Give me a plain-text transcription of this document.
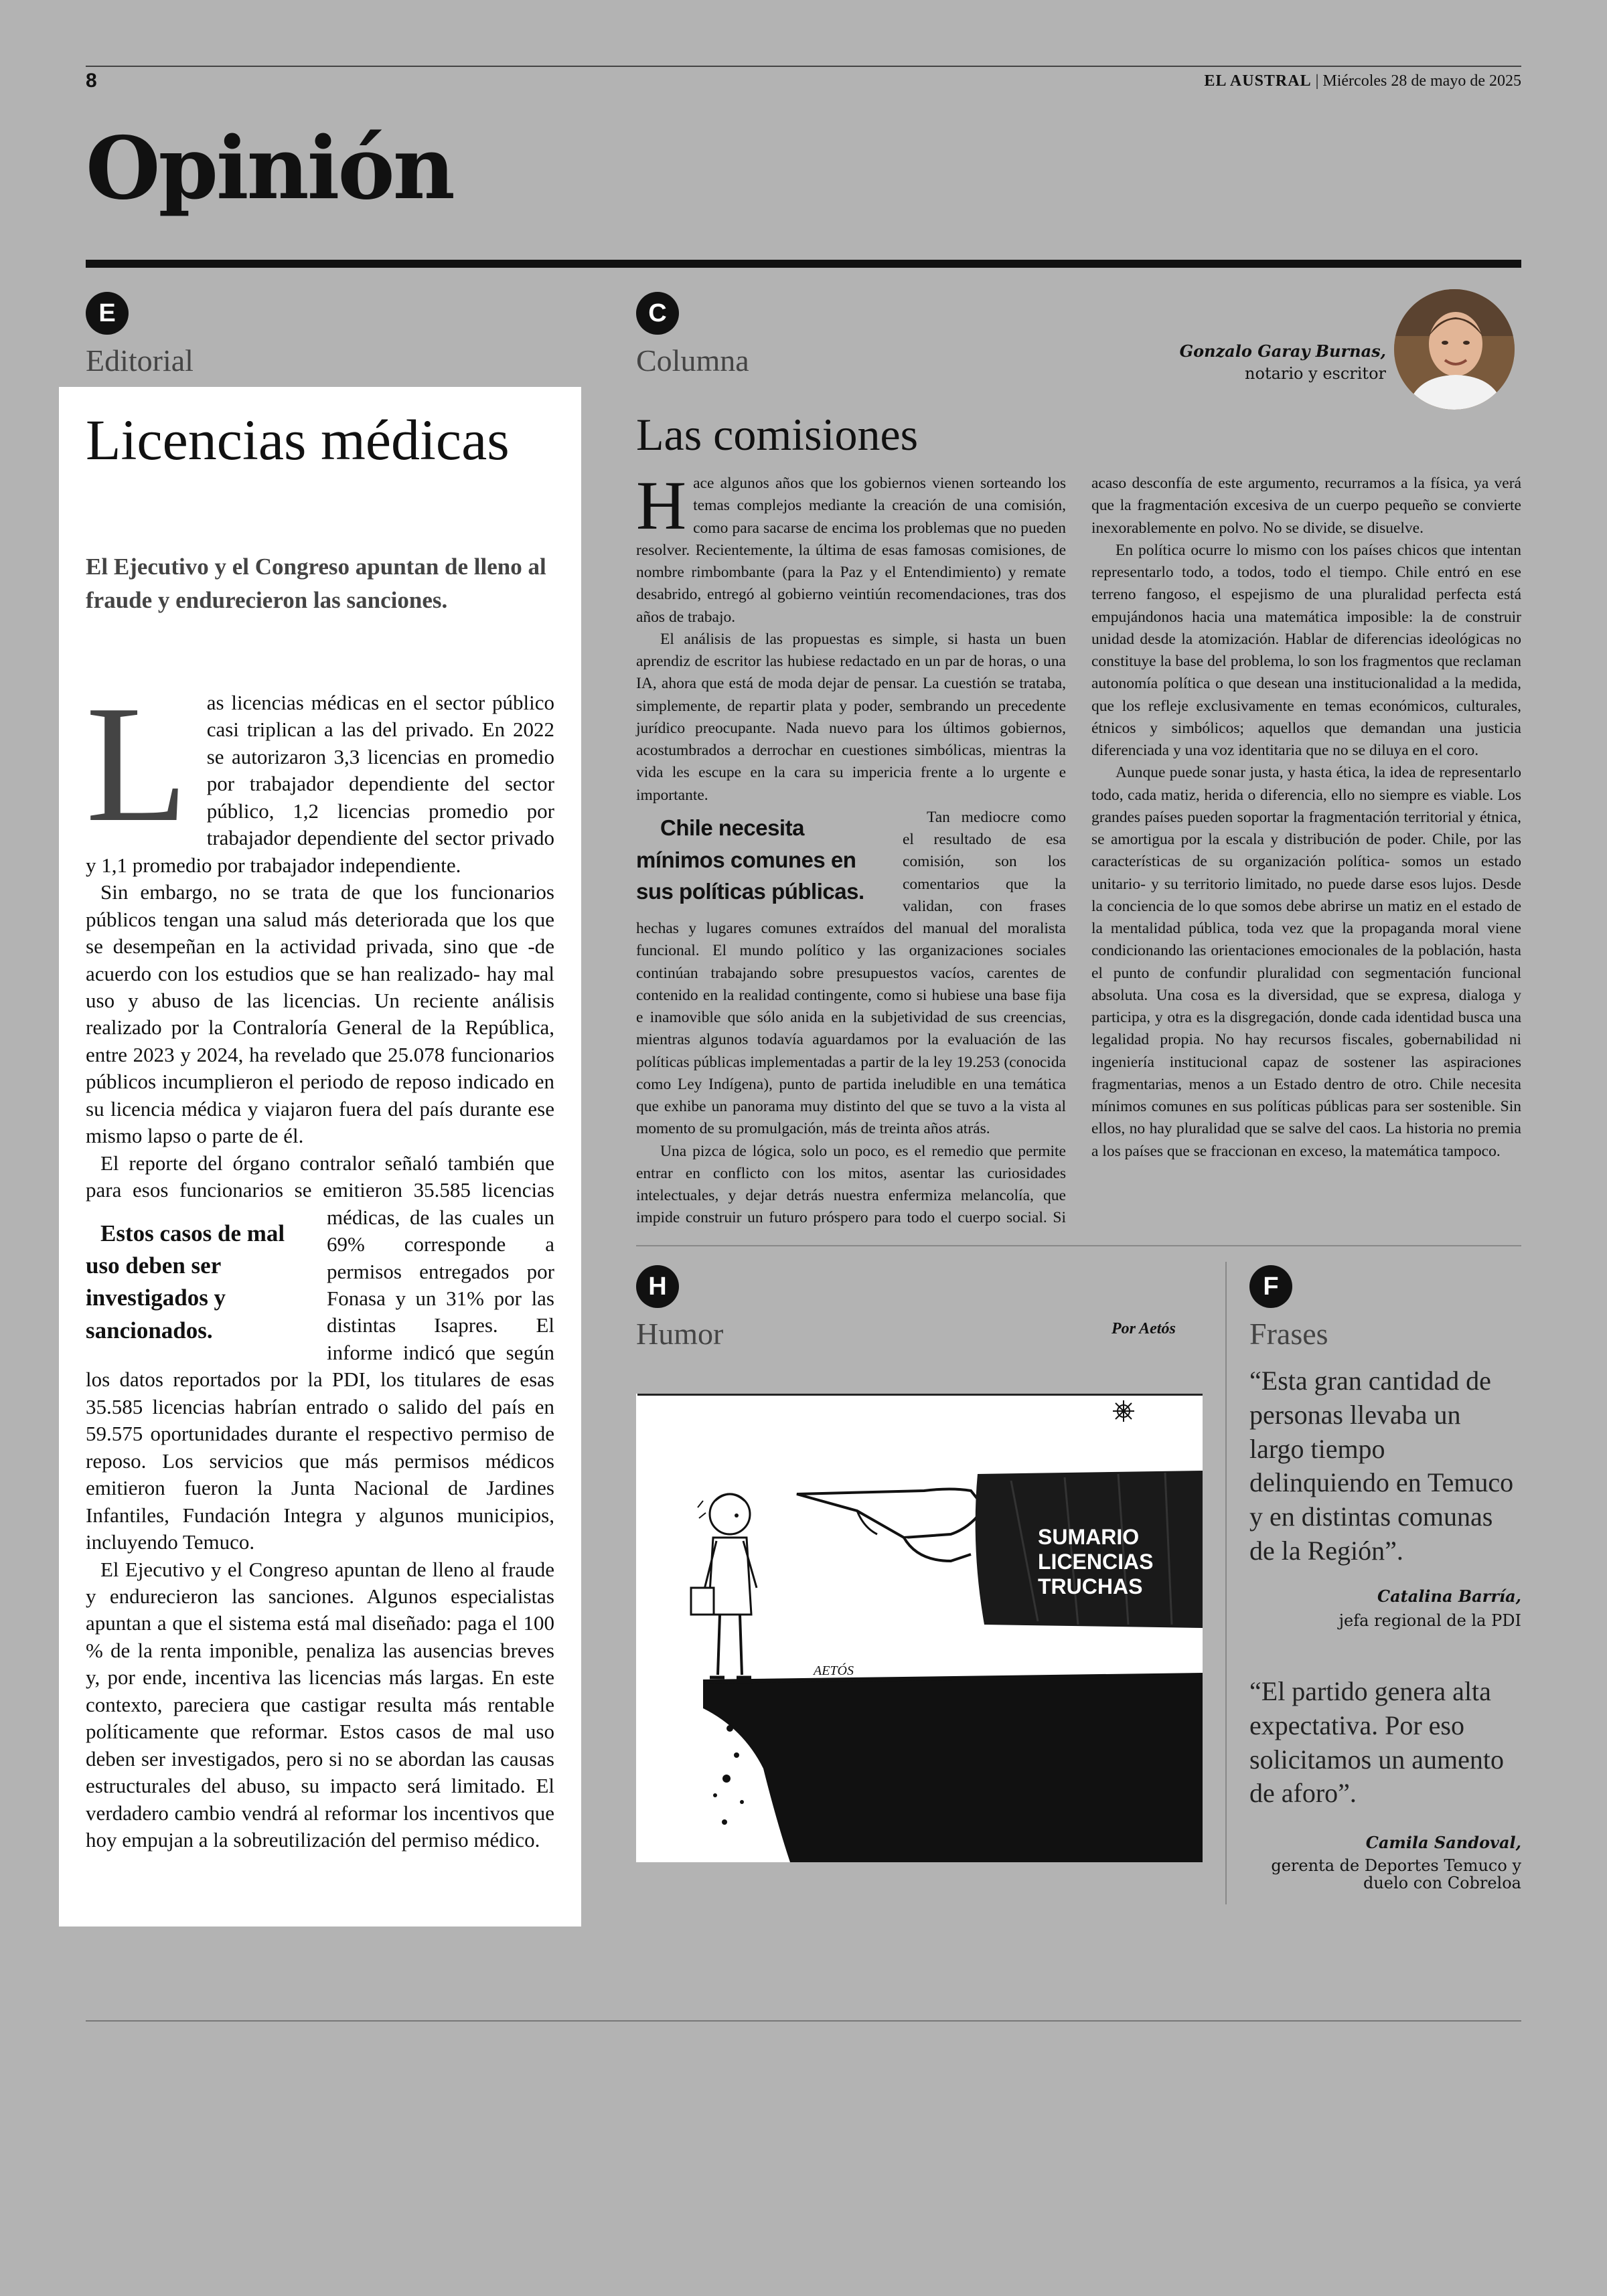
8	EL AUSTRAL | Miércoles 28 de mayo de 2025
Opinión
E
Editorial
Licencias médicas
El Ejecutivo y el Congreso apuntan de lleno al fraude y endurecieron las sanciones.

Las licencias médicas en el sector público casi triplican a las del privado. En 2022 se autorizaron 3,3 licencias en promedio por trabajador dependiente del sector público, 1,2 licencias promedio por trabajador dependiente del sector privado y 1,1 promedio por trabajador independiente.

Sin embargo, no se trata de que los funcionarios públicos tengan una salud más deteriorada que los que se desempeñan en la actividad privada, sino que -de acuerdo con los estudios que se han realizado- hay mal uso y abuso de las licencias. Un reciente análisis realizado por la Contraloría General de la República, entre 2023 y 2024, ha revelado que 25.078 funcionarios públicos incumplieron el periodo de reposo indicado en su licencia médica y viajaron fuera del país durante ese mismo lapso o parte de él.

El reporte del órgano contralor señaló también que para esos funcionarios se emitieron 35.585 licencias
Estos casos de mal uso deben ser investigados y sancionados.
médicas, de las cuales un 69% corresponde a permisos entregados por Fonasa y un 31% por las distintas Isapres. El informe indicó que según los datos reportados por la PDI, los titulares de esas 35.585 licencias habrían entrado o salido del país en 59.575 oportunidades durante el respectivo permiso de reposo. Los servicios que más permisos médicos emitieron fueron la Junta Nacional de Jardines Infantiles, Fundación Integra y algunos municipios, incluyendo Temuco.

El Ejecutivo y el Congreso apuntan de lleno al fraude y endurecieron las sanciones. Algunos especialistas apuntan a que el sistema está mal diseñado: paga el 100 % de la renta imponible, penaliza las ausencias breves y, por ende, incentiva las licencias más largas. En este contexto, pareciera que castigar resulta más rentable políticamente que reformar. Estos casos de mal uso deben ser investigados, pero si no se abordan las causas estructurales del abuso, su impacto será limitado. El verdadero cambio vendrá al reformar los incentivos que hoy empujan a la sobreutilización del permiso médico.

C
Columna	Gonzalo Garay Burnas,
notario y escritor
Las comisiones

Hace algunos años que los gobiernos vienen sorteando los temas complejos mediante la creación de una comisión, como para sacarse de encima los problemas que no pueden resolver. Recientemente, la última de esas famosas comisiones, de nombre rimbombante (para la Paz y el Entendimiento) y remate desabrido, entregó al gobierno veintiún recomendaciones, tras dos años de trabajo.

El análisis de las propuestas es simple, si hasta un buen aprendiz de escritor las hubiese redactado en un par de horas, o una IA, ahora que está de moda dejar de pensar. La cuestión se trataba, simplemente, de repartir plata y poder, sembrando un precedente jurídico preocupante. Nada nuevo para los últimos gobiernos, acostumbrados a derrochar en cuestiones simbólicas, mientras la vida les escupe en la cara su impericia frente a lo urgente e importante.

Chile necesita mínimos comunes en sus políticas públicas.
Tan mediocre como el resultado de esa comisión, son los comentarios que la validan, con frases hechas y lugares comunes extraídos del manual del moralista funcional. El mundo político y las organizaciones sociales continúan trabajando sobre presupuestos vacíos, carentes de contenido en la realidad contingente, como si hubiese una base fija e inamovible que sólo anida en la subjetividad de sus creencias, mientras algunos todavía aguardamos por la evaluación de las políticas públicas implementadas a partir de la ley 19.253 (conocida como Ley Indígena), punto de partida ineludible en una temática que exhibe un panorama muy distinto del que se tuvo a la vista al momento de su promulgación, más de treinta años atrás.

Una pizca de lógica, solo un poco, es el remedio que permite entrar en conflicto con los mitos, asentar las curiosidades intelectuales, y dejar detrás nuestra enfermiza melancolía, que impide construir un futuro próspero para todo el cuerpo social. Si acaso desconfía de este argumento, recurramos a la física, ya verá que la fragmentación excesiva de un cuerpo pequeño se convierte inexorablemente en polvo. No se divide, se disuelve.

En política ocurre lo mismo con los países chicos que intentan representarlo todo, a todos, todo el tiempo. Chile entró en ese terreno fangoso, el espejismo de una pluralidad perfecta está empujándonos hacia una matemática imposible: la de construir unidad desde la atomización. Hablar de diferencias ideológicas no constituye la base del problema, lo son los fragmentos que reclaman autonomía política o que desean una institucionalidad a la medida, que los refleje exclusivamente en temas económicos, culturales, étnicos y simbólicos; aquellos que demandan una justicia diferenciada y una voz identitaria que no se diluya en el coro.

Aunque puede sonar justa, y hasta ética, la idea de representarlo todo, cada matiz, herida o diferencia, ello no siempre es viable. Los grandes países pueden soportar la fragmentación territorial y étnica, se amortigua por la escala y distribución de poder. Chile, por las características de su organización política- somos un estado unitario- y su territorio limitado, no puede darse esos lujos. Desde la conciencia de lo que somos debe abrirse un matiz en el estado de la mentalidad pública, toda vez que la propaganda moral viene condicionando las orientaciones emocionales de la población, hasta el punto de confundir pluralidad con segmentación funcional absoluta. Una cosa es la diversidad, que se expresa, dialoga y participa, y otra es la disgregación, donde cada identidad busca una legalidad propia. No hay recursos fiscales, gobernabilidad ni ingeniería institucional capaz de sostener las aspiraciones fragmentarias, menos a un Estado dentro de otro. Chile necesita mínimos comunes en sus políticas públicas para ser sostenible. Sin ellos, no hay pluralidad que se salve del caos. La historia no premia a los países que se fraccionan en exceso, la matemática tampoco.

H
Humor	Por Aetós
SUMARIO
LICENCIAS
TRUCHAS
AETÓS
F
Frases
“Esta gran cantidad de personas llevaba un largo tiempo delinquiendo en Temuco y en distintas comunas de la Región”.
Catalina Barría,
jefa regional de la PDI
“El partido genera alta expectativa. Por eso solicitamos un aumento de aforo”.
Camila Sandoval,
gerenta de Deportes Temuco y duelo con Cobreloa
